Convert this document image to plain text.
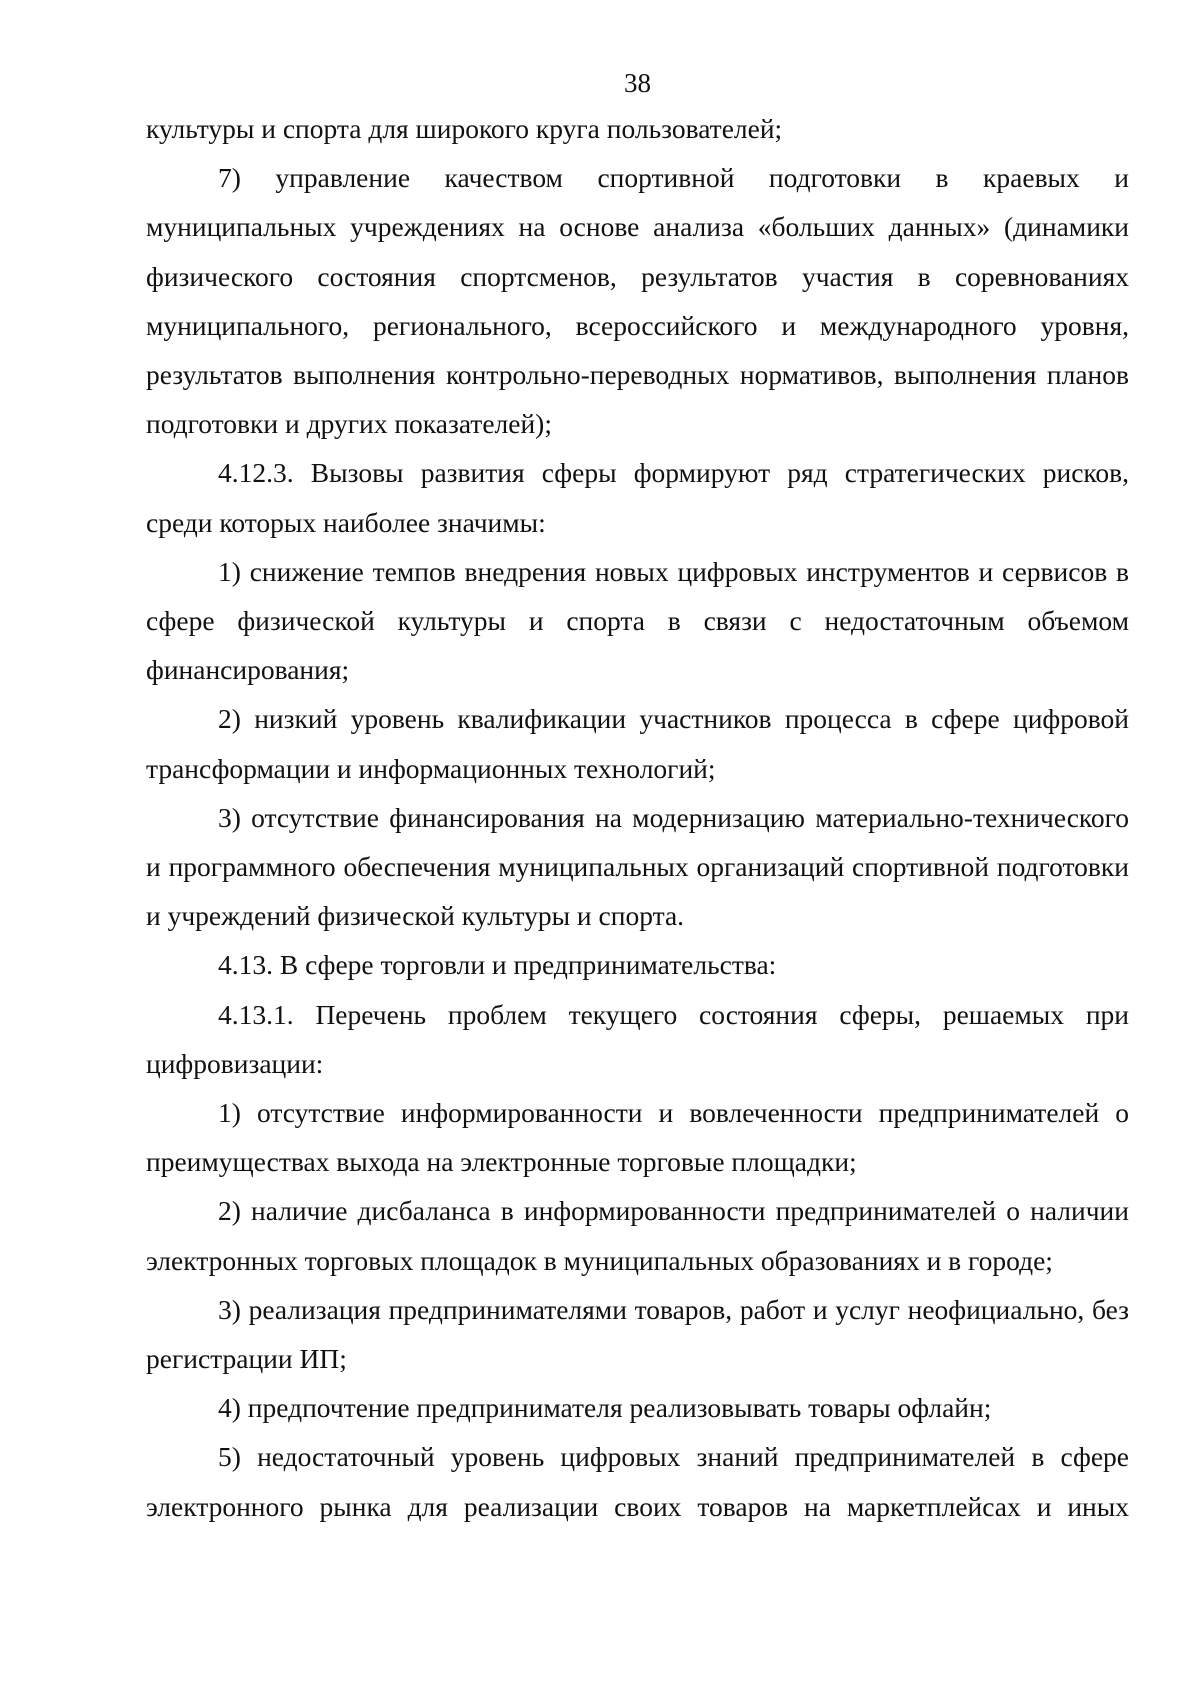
38

культуры и спорта для широкого круга пользователей;

7) управление качеством спортивной подготовки в краевых и муниципальных учреждениях на основе анализа «больших данных» (динамики физического состояния спортсменов, результатов участия в соревнованиях муниципального, регионального, всероссийского и международного уровня, результатов выполнения контрольно-переводных нормативов, выполнения планов подготовки и других показателей);

4.12.3. Вызовы развития сферы формируют ряд стратегических рисков, среди которых наиболее значимы:

1) снижение темпов внедрения новых цифровых инструментов и сервисов в сфере физической культуры и спорта в связи с недостаточным объемом финансирования;

2) низкий уровень квалификации участников процесса в сфере цифровой трансформации и информационных технологий;

3) отсутствие финансирования на модернизацию материально-технического и программного обеспечения муниципальных организаций спортивной подготовки и учреждений физической культуры и спорта.

4.13. В сфере торговли и предпринимательства:

4.13.1. Перечень проблем текущего состояния сферы, решаемых при цифровизации:

1) отсутствие информированности и вовлеченности предпринимателей о преимуществах выхода на электронные торговые площадки;

2) наличие дисбаланса в информированности предпринимателей о наличии электронных торговых площадок в муниципальных образованиях и в городе;

3) реализация предпринимателями товаров, работ и услуг неофициально, без регистрации ИП;

4) предпочтение предпринимателя реализовывать товары офлайн;

5) недостаточный уровень цифровых знаний предпринимателей в сфере электронного рынка для реализации своих товаров на маркетплейсах и иных
